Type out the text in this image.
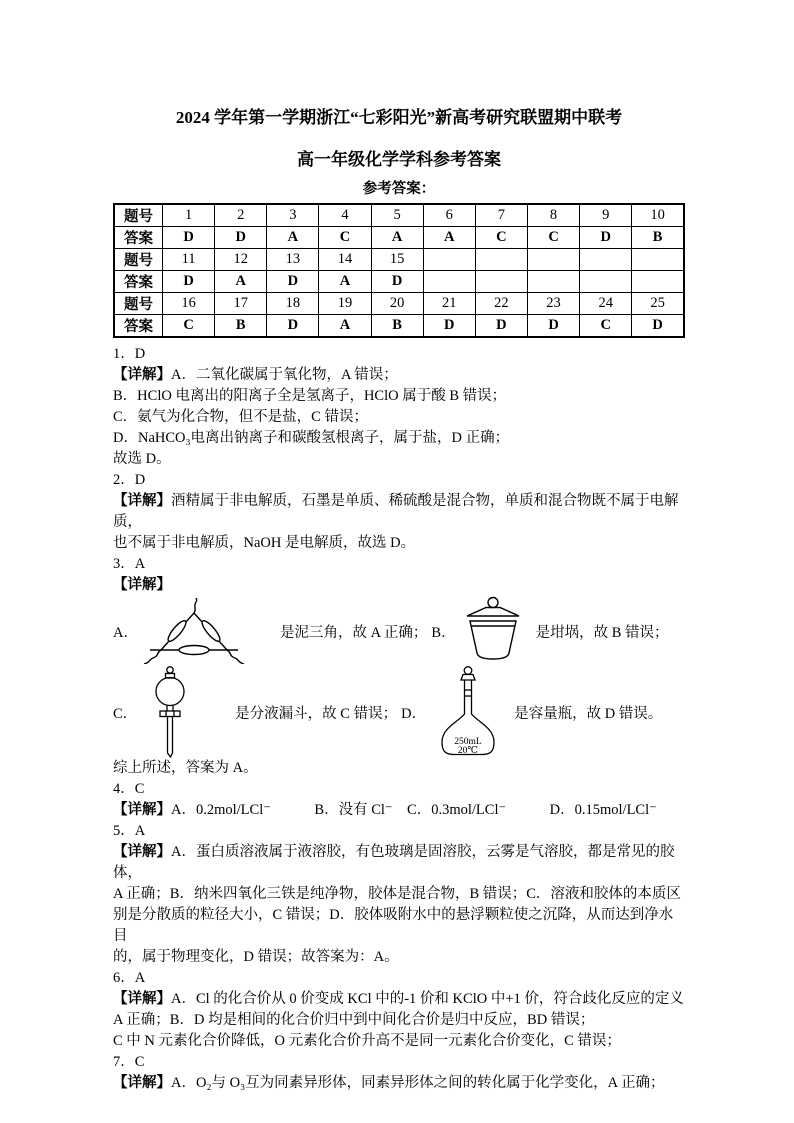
2024 学年第一学期浙江“七彩阳光”新高考研究联盟期中联考
高一年级化学学科参考答案
参考答案：
题号	1	2	3	4	5	6	7	8	9	10
答案	D	D	A	C	A	A	C	C	D	B
题号	11	12	13	14	15					
答案	D	A	D	A	D					
题号	16	17	18	19	20	21	22	23	24	25
答案	C	B	D	A	B	D	D	D	C	D
1．D
【详解】A．二氧化碳属于氧化物，A 错误；
B．HClO 电离出的阳离子全是氢离子，HClO 属于酸 B 错误；
C．氨气为化合物，但不是盐，C 错误；
D．NaHCO₃电离出钠离子和碳酸氢根离子，属于盐，D 正确；
故选 D。
2．D
【详解】酒精属于非电解质，石墨是单质、稀硫酸是混合物，单质和混合物既不属于电解质，
也不属于非电解质，NaOH 是电解质，故选 D。
3．A
【详解】
A．	是泥三角，故 A 正确； B．	是坩埚，故 B 错误；
C．	是分液漏斗，故 C 错误； D．
250mL
20℃
是容量瓶，故 D 错误。
综上所述，答案为 A。
4．C
【详解】A．0.2mol/LCl⁻　　　B．没有 Cl⁻　C．0.3mol/LCl⁻　　　D．0.15mol/LCl⁻
5．A
【详解】A．蛋白质溶液属于液溶胶，有色玻璃是固溶胶，云雾是气溶胶，都是常见的胶体，
A 正确；B．纳米四氧化三铁是纯净物，胶体是混合物，B 错误；C．溶液和胶体的本质区
别是分散质的粒径大小，C 错误；D．胶体吸附水中的悬浮颗粒使之沉降，从而达到净水目
的，属于物理变化，D 错误；故答案为：A。
6．A
【详解】A．Cl 的化合价从 0 价变成 KCl 中的-1 价和 KClO 中+1 价，符合歧化反应的定义
A 正确；B．D 均是相间的化合价归中到中间化合价是归中反应，BD 错误；
C 中 N 元素化合价降低，O 元素化合价升高不是同一元素化合价变化，C 错误；
7．C
【详解】A．O₂与 O₃互为同素异形体，同素异形体之间的转化属于化学变化，A 正确；
